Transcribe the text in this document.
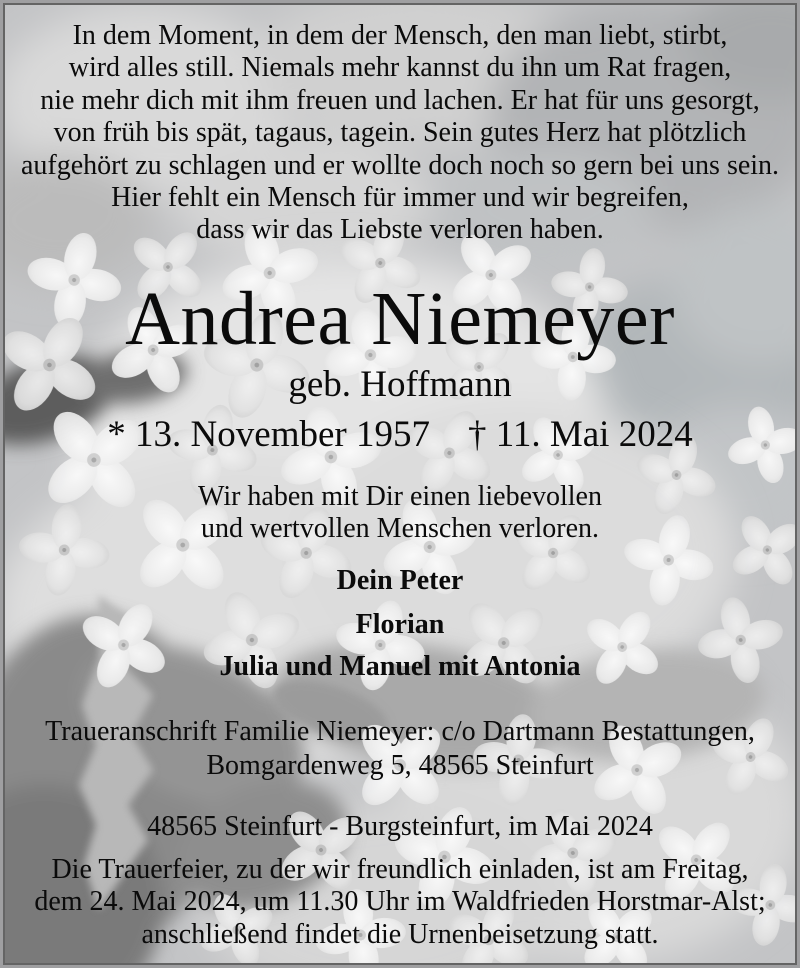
In dem Moment, in dem der Mensch, den man liebt, stirbt,
wird alles still. Niemals mehr kannst du ihn um Rat fragen,
nie mehr dich mit ihm freuen und lachen. Er hat für uns gesorgt,
von früh bis spät, tagaus, tagein. Sein gutes Herz hat plötzlich
aufgehört zu schlagen und er wollte doch noch so gern bei uns sein.
Hier fehlt ein Mensch für immer und wir begreifen,
dass wir das Liebste verloren haben.
Andrea Niemeyer
geb. Hoffmann
* 13. November 1957 † 11. Mai 2024
Wir haben mit Dir einen liebevollen
und wertvollen Menschen verloren.
Dein Peter
Florian
Julia und Manuel mit Antonia
Traueranschrift Familie Niemeyer: c/o Dartmann Bestattungen,
Bomgardenweg 5, 48565 Steinfurt
48565 Steinfurt - Burgsteinfurt, im Mai 2024
Die Trauerfeier, zu der wir freundlich einladen, ist am Freitag,
dem 24. Mai 2024, um 11.30 Uhr im Waldfrieden Horstmar-Alst;
anschließend findet die Urnenbeisetzung statt.
